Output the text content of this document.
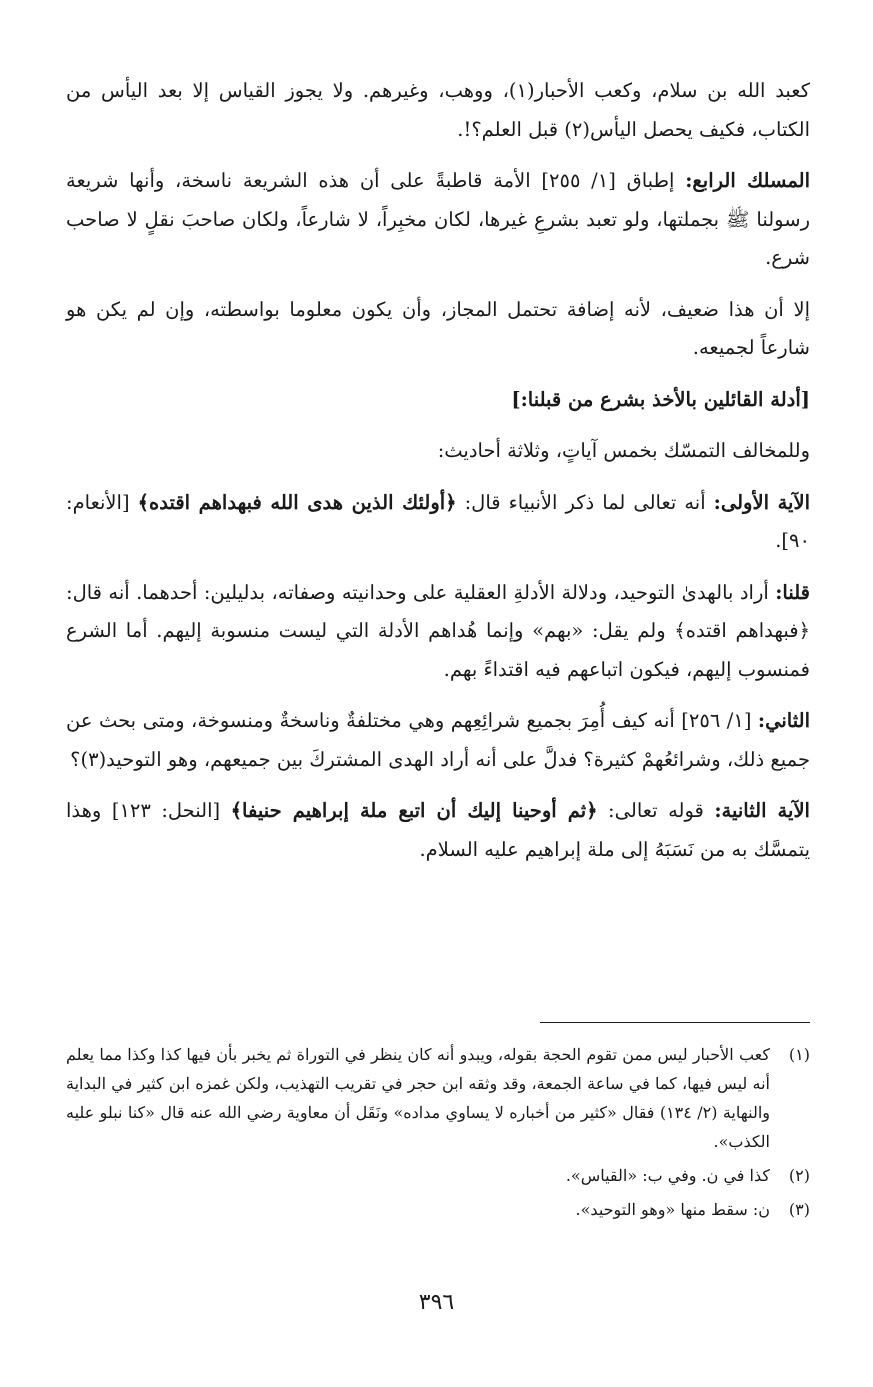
كعبد الله بن سلام، وكعب الأحبار(١)، ووهب، وغيرهم. ولا يجوز القياس إلا بعد اليأس من الكتاب، فكيف يحصل اليأس(٢) قبل العلم؟!.

المسلك الرابع: إطباق [١/ ٢٥٥] الأمة قاطبةً على أن هذه الشريعة ناسخة، وأنها شريعة رسولنا ﷺ بجملتها، ولو تعبد بشرعِ غيرها، لكان مخبِراً، لا شارعاً، ولكان صاحبَ نقلٍ لا صاحب شرع.

إلا أن هذا ضعيف، لأنه إضافة تحتمل المجاز، وأن يكون معلوما بواسطته، وإن لم يكن هو شارعاً لجميعه.

[أدلة القائلين بالأخذ بشرع من قبلنا:]

وللمخالف التمسّك بخمس آياتٍ، وثلاثة أحاديث:

الآية الأولى: أنه تعالى لما ذكر الأنبياء قال: ﴿أولئك الذين هدى الله فبهداهم اقتده﴾ [الأنعام: ٩٠].

قلنا: أراد بالهدىٰ التوحيد، ودلالة الأدلةِ العقلية على وحدانيته وصفاته، بدليلين: أحدهما. أنه قال: ﴿فبهداهم اقتده﴾ ولم يقل: «بهم» وإنما هُداهم الأدلة التي ليست منسوبة إليهم. أما الشرع فمنسوب إليهم، فيكون اتباعهم فيه اقتداءً بهم.

الثاني: [١/ ٢٥٦] أنه كيف أُمِرَ بجميع شرائِعِهم وهي مختلفةٌ وناسخةٌ ومنسوخة، ومتى بحث عن جميع ذلك، وشرائعُهمْ كثيرة؟ فدلَّ على أنه أراد الهدى المشتركَ بين جميعهم، وهو التوحيد(٣)؟

الآية الثانية: قوله تعالى: ﴿ثم أوحينا إليك أن اتبع ملة إبراهيم حنيفا﴾ [النحل: ١٢٣] وهذا يتمسَّك به من نَسَبَهُ إلى ملة إبراهيم عليه السلام.

(١)
كعب الأحبار ليس ممن تقوم الحجة بقوله، ويبدو أنه كان ينظر في التوراة ثم يخبر بأن فيها كذا وكذا مما يعلم أنه ليس فيها، كما في ساعة الجمعة، وقد وثقه ابن حجر في تقريب التهذيب، ولكن غمزه ابن كثير في البداية والنهاية (٢/ ١٣٤) فقال «كثير من أخباره لا يساوي مداده» ونَقَل أن معاوية رضي الله عنه قال «كنا نبلو عليه الكذب».
(٢)
كذا في ن. وفي ب: «القياس».
(٣)
ن: سقط منها «وهو التوحيد».
٣٩٦
